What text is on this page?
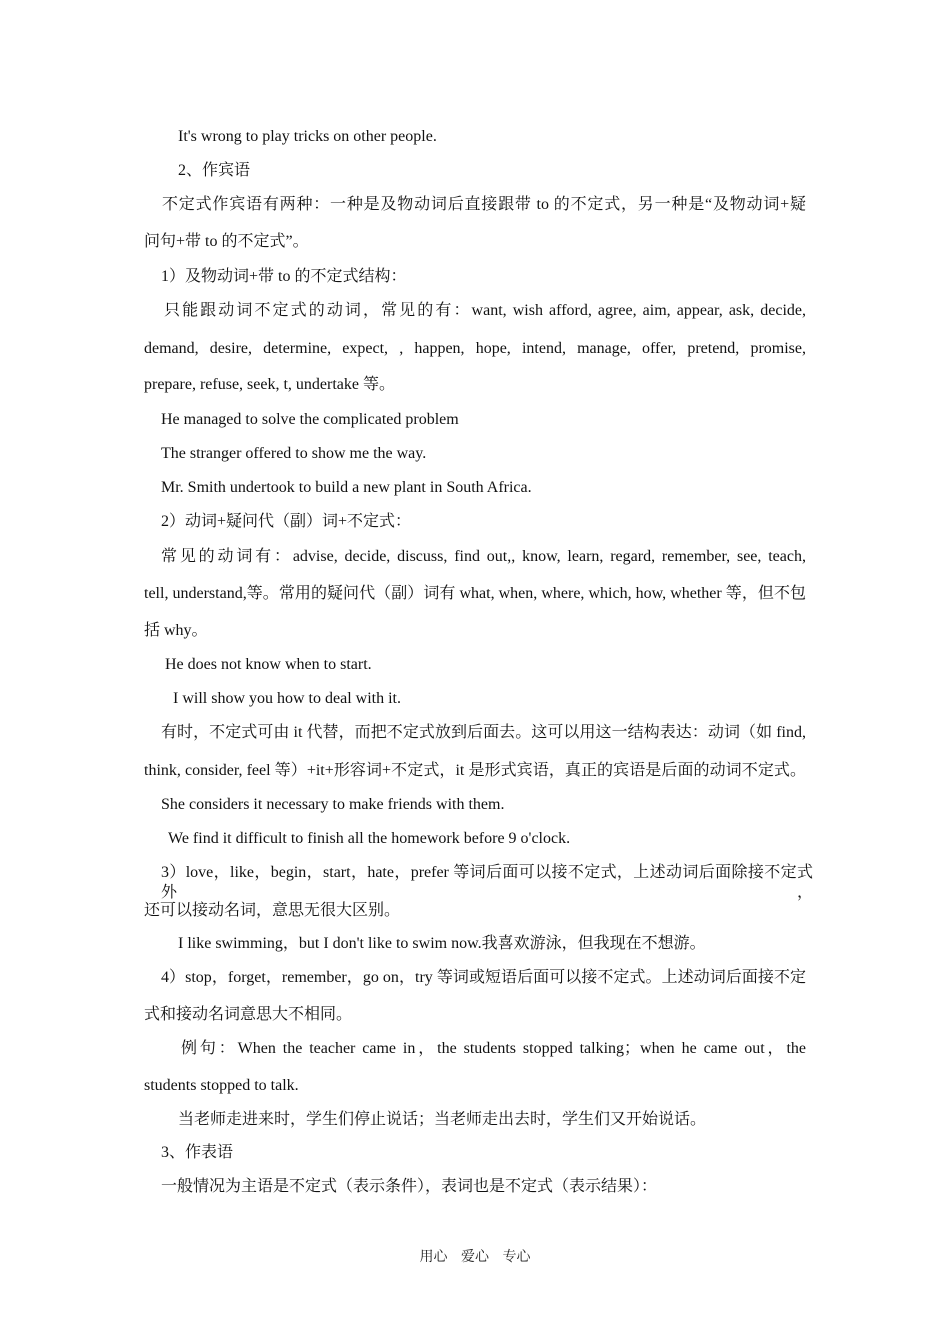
It's wrong to play tricks on other people.
2、作宾语
不定式作宾语有两种：一种是及物动词后直接跟带 to 的不定式，另一种是“及物动词+疑
问句+带 to 的不定式”。
1）及物动词+带 to 的不定式结构：
只能跟动词不定式的动词，常见的有：want, wish afford, agree, aim, appear, ask, decide,
demand, desire, determine, expect, , happen, hope, intend, manage, offer, pretend, promise,
prepare, refuse, seek, t, undertake 等。
He managed to solve the complicated problem
The stranger offered to show me the way.
Mr. Smith undertook to build a new plant in South Africa.
2）动词+疑问代（副）词+不定式：
常见的动词有：advise, decide, discuss, find out,, know, learn, regard, remember, see, teach,
tell, understand,等。常用的疑问代（副）词有 what, when, where, which, how, whether 等，但不包
括 why。
He does not know when to start.
I will show you how to deal with it.
有时，不定式可由 it 代替，而把不定式放到后面去。这可以用这一结构表达：动词（如 find,
think, consider, feel 等）+it+形容词+不定式，it 是形式宾语，真正的宾语是后面的动词不定式。
She considers it necessary to make friends with them.
We find it difficult to finish all the homework before 9 o'clock.
3）love，like，begin，start，hate，prefer 等词后面可以接不定式，上述动词后面除接不定式外，
还可以接动名词，意思无很大区别。
I like swimming，but I don't like to swim now.我喜欢游泳，但我现在不想游。
4）stop，forget，remember，go on，try 等词或短语后面可以接不定式。上述动词后面接不定
式和接动名词意思大不相同。
例句：When the teacher came in，the students stopped talking；when he came out，the
students stopped to talk.
当老师走进来时，学生们停止说话；当老师走出去时，学生们又开始说话。
3、作表语
一般情况为主语是不定式（表示条件），表词也是不定式（表示结果）：
用心 爱心 专心
